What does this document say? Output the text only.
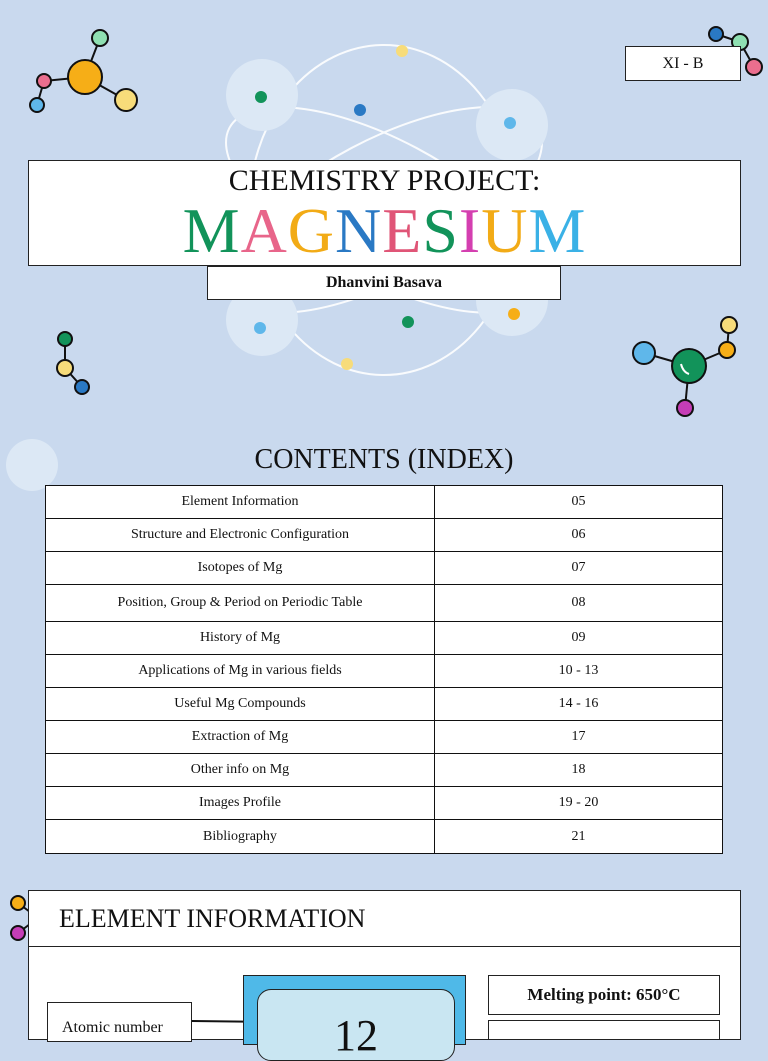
XI - B
CHEMISTRY PROJECT:
MAGNESIUM
Dhanvini Basava
CONTENTS (INDEX)
Element Information	05
Structure and Electronic Configuration	06
Isotopes of Mg	07
Position, Group & Period on Periodic Table	08
History of Mg	09
Applications of Mg in various fields	10 - 13
Useful Mg Compounds	14 - 16
Extraction of Mg	17
Other info on Mg	18
Images Profile	19 - 20
Bibliography	21
ELEMENT INFORMATION
Atomic number	12
Melting point: 650°C
